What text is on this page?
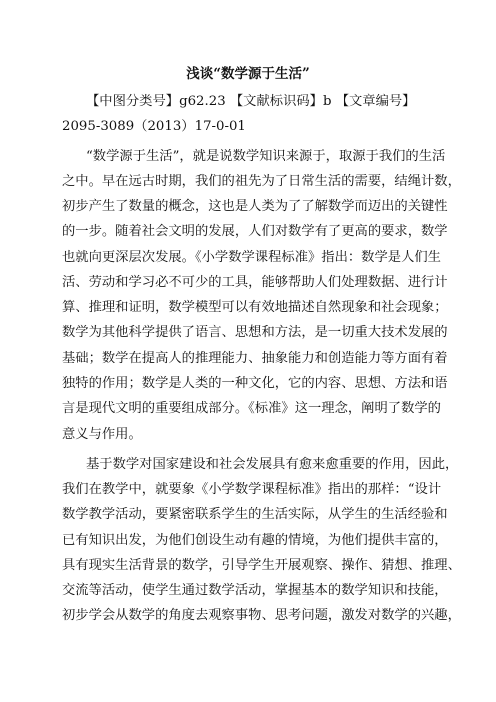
浅谈“数学源于生活”
【中图分类号】g62.23 【文献标识码】b 【文章编号】
2095-3089（2013）17-0-01
“数学源于生活”，就是说数学知识来源于，取源于我们的生活
之中。早在远古时期，我们的祖先为了日常生活的需要，结绳计数，
初步产生了数量的概念，这也是人类为了了解数学而迈出的关键性
的一步。随着社会文明的发展，人们对数学有了更高的要求，数学
也就向更深层次发展。《小学数学课程标准》指出：数学是人们生
活、劳动和学习必不可少的工具，能够帮助人们处理数据、进行计
算、推理和证明，数学模型可以有效地描述自然现象和社会现象；
数学为其他科学提供了语言、思想和方法，是一切重大技术发展的
基础；数学在提高人的推理能力、抽象能力和创造能力等方面有着
独特的作用；数学是人类的一种文化，它的内容、思想、方法和语
言是现代文明的重要组成部分。《标准》这一理念，阐明了数学的
意义与作用。
基于数学对国家建设和社会发展具有愈来愈重要的作用，因此，
我们在教学中，就要象《小学数学课程标准》指出的那样：“设计
数学教学活动，要紧密联系学生的生活实际，从学生的生活经验和
已有知识出发，为他们创设生动有趣的情境，为他们提供丰富的，
具有现实生活背景的数学，引导学生开展观察、操作、猜想、推理、
交流等活动，使学生通过数学活动，掌握基本的数学知识和技能，
初步学会从数学的角度去观察事物、思考问题，激发对数学的兴趣，
